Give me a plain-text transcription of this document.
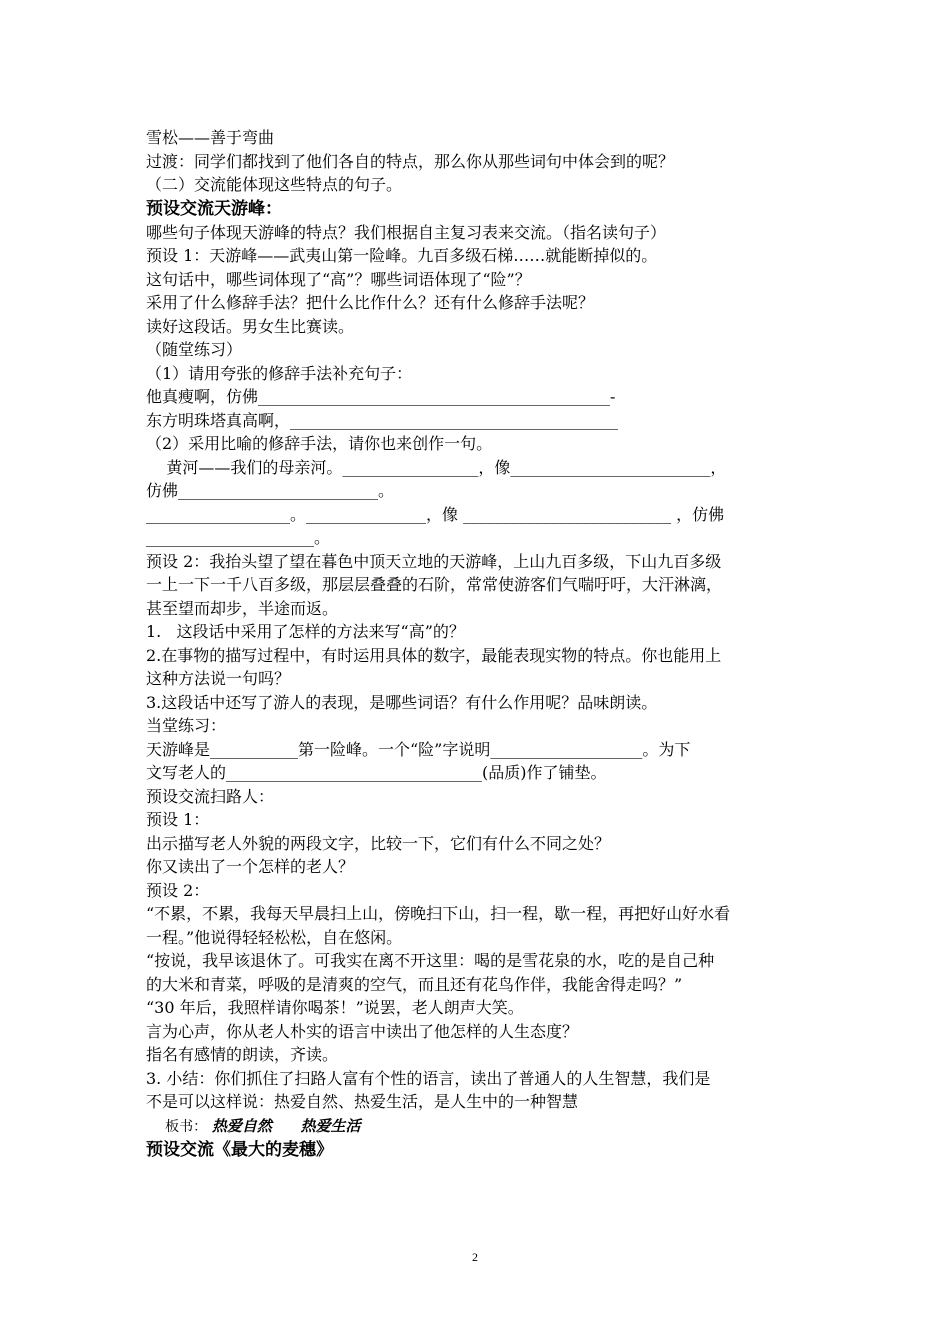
雪松——善于弯曲
过渡：同学们都找到了他们各自的特点，那么你从那些词句中体会到的呢？
（二）交流能体现这些特点的句子。
预设交流天游峰：
哪些句子体现天游峰的特点？我们根据自主复习表来交流。（指名读句子）
预设 1：天游峰——武夷山第一险峰。九百多级石梯……就能断掉似的。
这句话中，哪些词体现了“高”？哪些词语体现了“险”？
采用了什么修辞手法？把什么比作什么？还有什么修辞手法呢？
读好这段话。男女生比赛读。
（随堂练习）
（1）请用夸张的修辞手法补充句子：
他真瘦啊，仿佛____________________________________________-
东方明珠塔真高啊，_________________________________________
（2）采用比喻的修辞手法，请你也来创作一句。
黄河——我们的母亲河。_________________，像_________________________，
仿佛_________________________。
__________________。_______________，像 __________________________ ，仿佛
_____________________。
预设 2：我抬头望了望在暮色中顶天立地的天游峰，上山九百多级，下山九百多级
一上一下一千八百多级，那层层叠叠的石阶，常常使游客们气喘吁吁，大汗淋漓，
甚至望而却步，半途而返。
1.   这段话中采用了怎样的方法来写“高”的？
2.在事物的描写过程中，有时运用具体的数字，最能表现实物的特点。你也能用上
这种方法说一句吗？
3.这段话中还写了游人的表现，是哪些词语？有什么作用呢？品味朗读。
当堂练习：
天游峰是___________第一险峰。一个“险”字说明___________________。为下
文写老人的________________________________(品质)作了铺垫。
预设交流扫路人：
预设 1：
出示描写老人外貌的两段文字，比较一下，它们有什么不同之处？
你又读出了一个怎样的老人？
预设 2：
“不累，不累，我每天早晨扫上山，傍晚扫下山，扫一程，歇一程，再把好山好水看
一程。”他说得轻轻松松，自在悠闲。
“按说，我早该退休了。可我实在离不开这里：喝的是雪花泉的水，吃的是自己种
的大米和青菜，呼吸的是清爽的空气，而且还有花鸟作伴，我能舍得走吗？”
“30 年后，我照样请你喝茶！”说罢，老人朗声大笑。
言为心声，你从老人朴实的语言中读出了他怎样的人生态度？
指名有感情的朗读，齐读。
3. 小结：你们抓住了扫路人富有个性的语言，读出了普通人的人生智慧，我们是
不是可以这样说：热爱自然、热爱生活，是人生中的一种智慧
板书： 热爱自然 热爱生活
预设交流《最大的麦穗》
2
